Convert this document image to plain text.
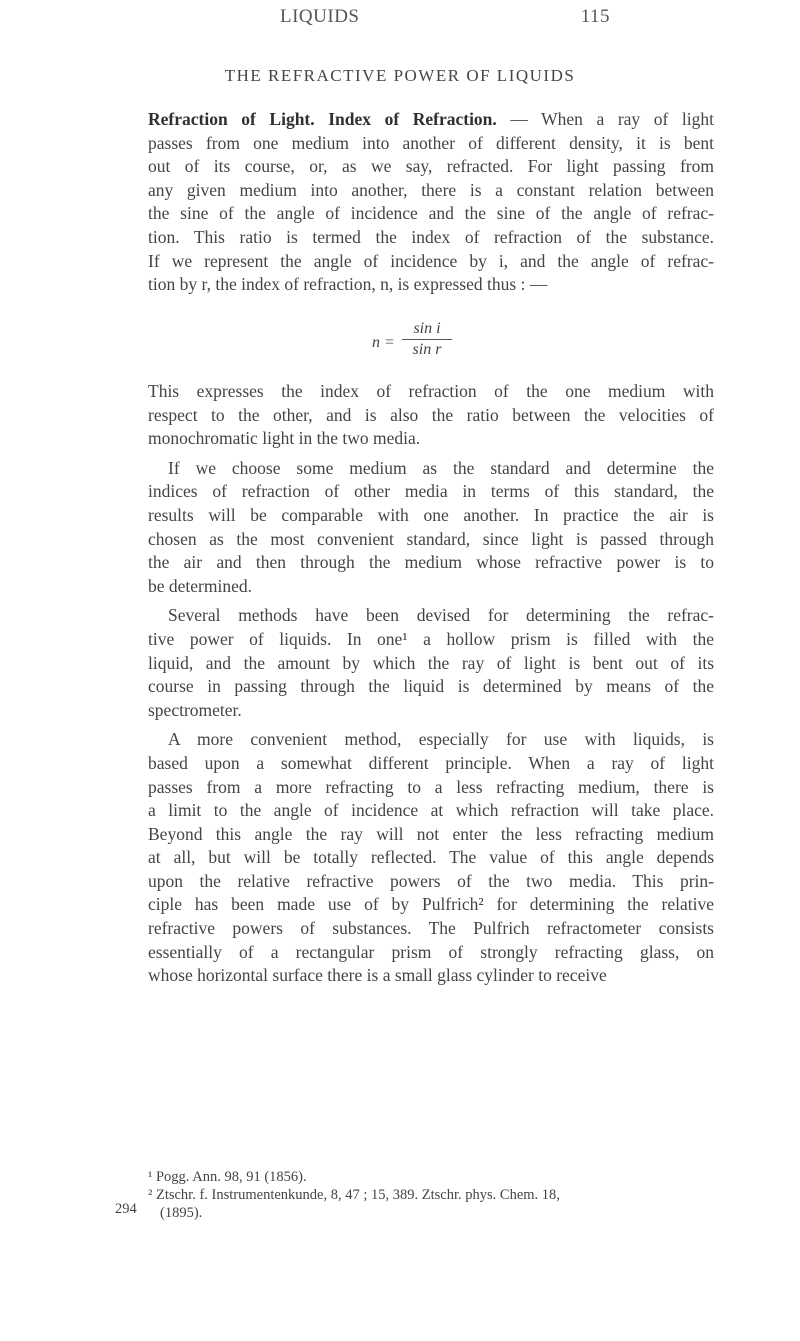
LIQUIDS	115
THE REFRACTIVE POWER OF LIQUIDS
Refraction of Light. Index of Refraction. — When a ray of light
passes from one medium into another of different density, it is bent
out of its course, or, as we say, refracted. For light passing from
any given medium into another, there is a constant relation between
the sine of the angle of incidence and the sine of the angle of refrac-
tion. This ratio is termed the index of refraction of the substance.
If we represent the angle of incidence by i, and the angle of refrac-
tion by r, the index of refraction, n, is expressed thus : —
$n = \frac{\text{sin i}}{\text{sin r}}$
This expresses the index of refraction of the one medium with
respect to the other, and is also the ratio between the velocities of
monochromatic light in the two media.
If we choose some medium as the standard and determine the
indices of refraction of other media in terms of this standard, the
results will be comparable with one another. In practice the air is
chosen as the most convenient standard, since light is passed through
the air and then through the medium whose refractive power is to
be determined.
Several methods have been devised for determining the refrac-
tive power of liquids. In one¹ a hollow prism is filled with the
liquid, and the amount by which the ray of light is bent out of its
course in passing through the liquid is determined by means of the
spectrometer.
A more convenient method, especially for use with liquids, is
based upon a somewhat different principle. When a ray of light
passes from a more refracting to a less refracting medium, there is
a limit to the angle of incidence at which refraction will take place.
Beyond this angle the ray will not enter the less refracting medium
at all, but will be totally reflected. The value of this angle depends
upon the relative refractive powers of the two media. This prin-
ciple has been made use of by Pulfrich² for determining the relative
refractive powers of substances. The Pulfrich refractometer consists
essentially of a rectangular prism of strongly refracting glass, on
whose horizontal surface there is a small glass cylinder to receive
¹ Pogg. Ann. 98, 91 (1856).
² Ztschr. f. Instrumentenkunde, 8, 47 ; 15, 389. Ztschr. phys. Chem. 18,
(1895).
294
